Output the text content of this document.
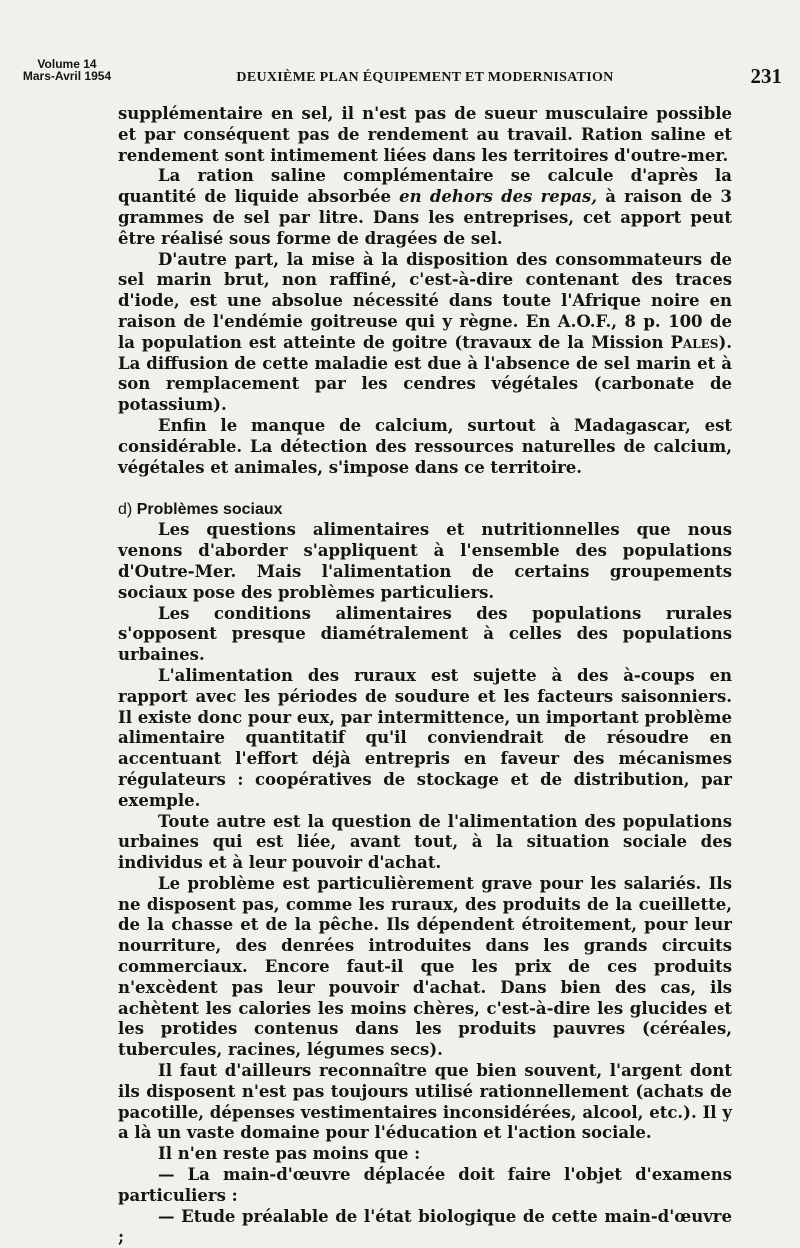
Volume 14
Mars-Avril 1954	DEUXIÈME PLAN ÉQUIPEMENT ET MODERNISATION	231

supplémentaire en sel, il n'est pas de sueur musculaire possible et par conséquent pas de rendement au travail. Ration saline et rendement sont intimement liées dans les territoires d'outre-mer.

La ration saline complémentaire se calcule d'après la quantité de liquide absorbée en dehors des repas, à raison de 3 grammes de sel par litre. Dans les entreprises, cet apport peut être réalisé sous forme de dragées de sel.

D'autre part, la mise à la disposition des consommateurs de sel marin brut, non raffiné, c'est-à-dire contenant des traces d'iode, est une absolue nécessité dans toute l'Afrique noire en raison de l'endémie goitreuse qui y règne. En A.O.F., 8 p. 100 de la population est atteinte de goitre (travaux de la Mission Pales). La diffusion de cette maladie est due à l'absence de sel marin et à son remplacement par les cendres végétales (carbonate de potassium).

Enfin le manque de calcium, surtout à Madagascar, est considérable. La détection des ressources naturelles de calcium, végétales et animales, s'impose dans ce territoire.

d) Problèmes sociaux

Les questions alimentaires et nutritionnelles que nous venons d'aborder s'appliquent à l'ensemble des populations d'Outre-Mer. Mais l'alimentation de certains groupements sociaux pose des problèmes particuliers.

Les conditions alimentaires des populations rurales s'opposent presque diamétralement à celles des populations urbaines.

L'alimentation des ruraux est sujette à des à-coups en rapport avec les périodes de soudure et les facteurs saisonniers. Il existe donc pour eux, par intermittence, un important problème alimentaire quantitatif qu'il conviendrait de résoudre en accentuant l'effort déjà entrepris en faveur des mécanismes régulateurs : coopératives de stockage et de distribution, par exemple.

Toute autre est la question de l'alimentation des populations urbaines qui est liée, avant tout, à la situation sociale des individus et à leur pouvoir d'achat.

Le problème est particulièrement grave pour les salariés. Ils ne disposent pas, comme les ruraux, des produits de la cueillette, de la chasse et de la pêche. Ils dépendent étroitement, pour leur nourriture, des denrées introduites dans les grands circuits commerciaux. Encore faut-il que les prix de ces produits n'excèdent pas leur pouvoir d'achat. Dans bien des cas, ils achètent les calories les moins chères, c'est-à-dire les glucides et les protides contenus dans les produits pauvres (céréales, tubercules, racines, légumes secs).

Il faut d'ailleurs reconnaître que bien souvent, l'argent dont ils disposent n'est pas toujours utilisé rationnellement (achats de pacotille, dépenses vestimentaires inconsidérées, alcool, etc.). Il y a là un vaste domaine pour l'éducation et l'action sociale.

Il n'en reste pas moins que :

— La main-d'œuvre déplacée doit faire l'objet d'examens particuliers :

— Etude préalable de l'état biologique de cette main-d'œuvre ;
